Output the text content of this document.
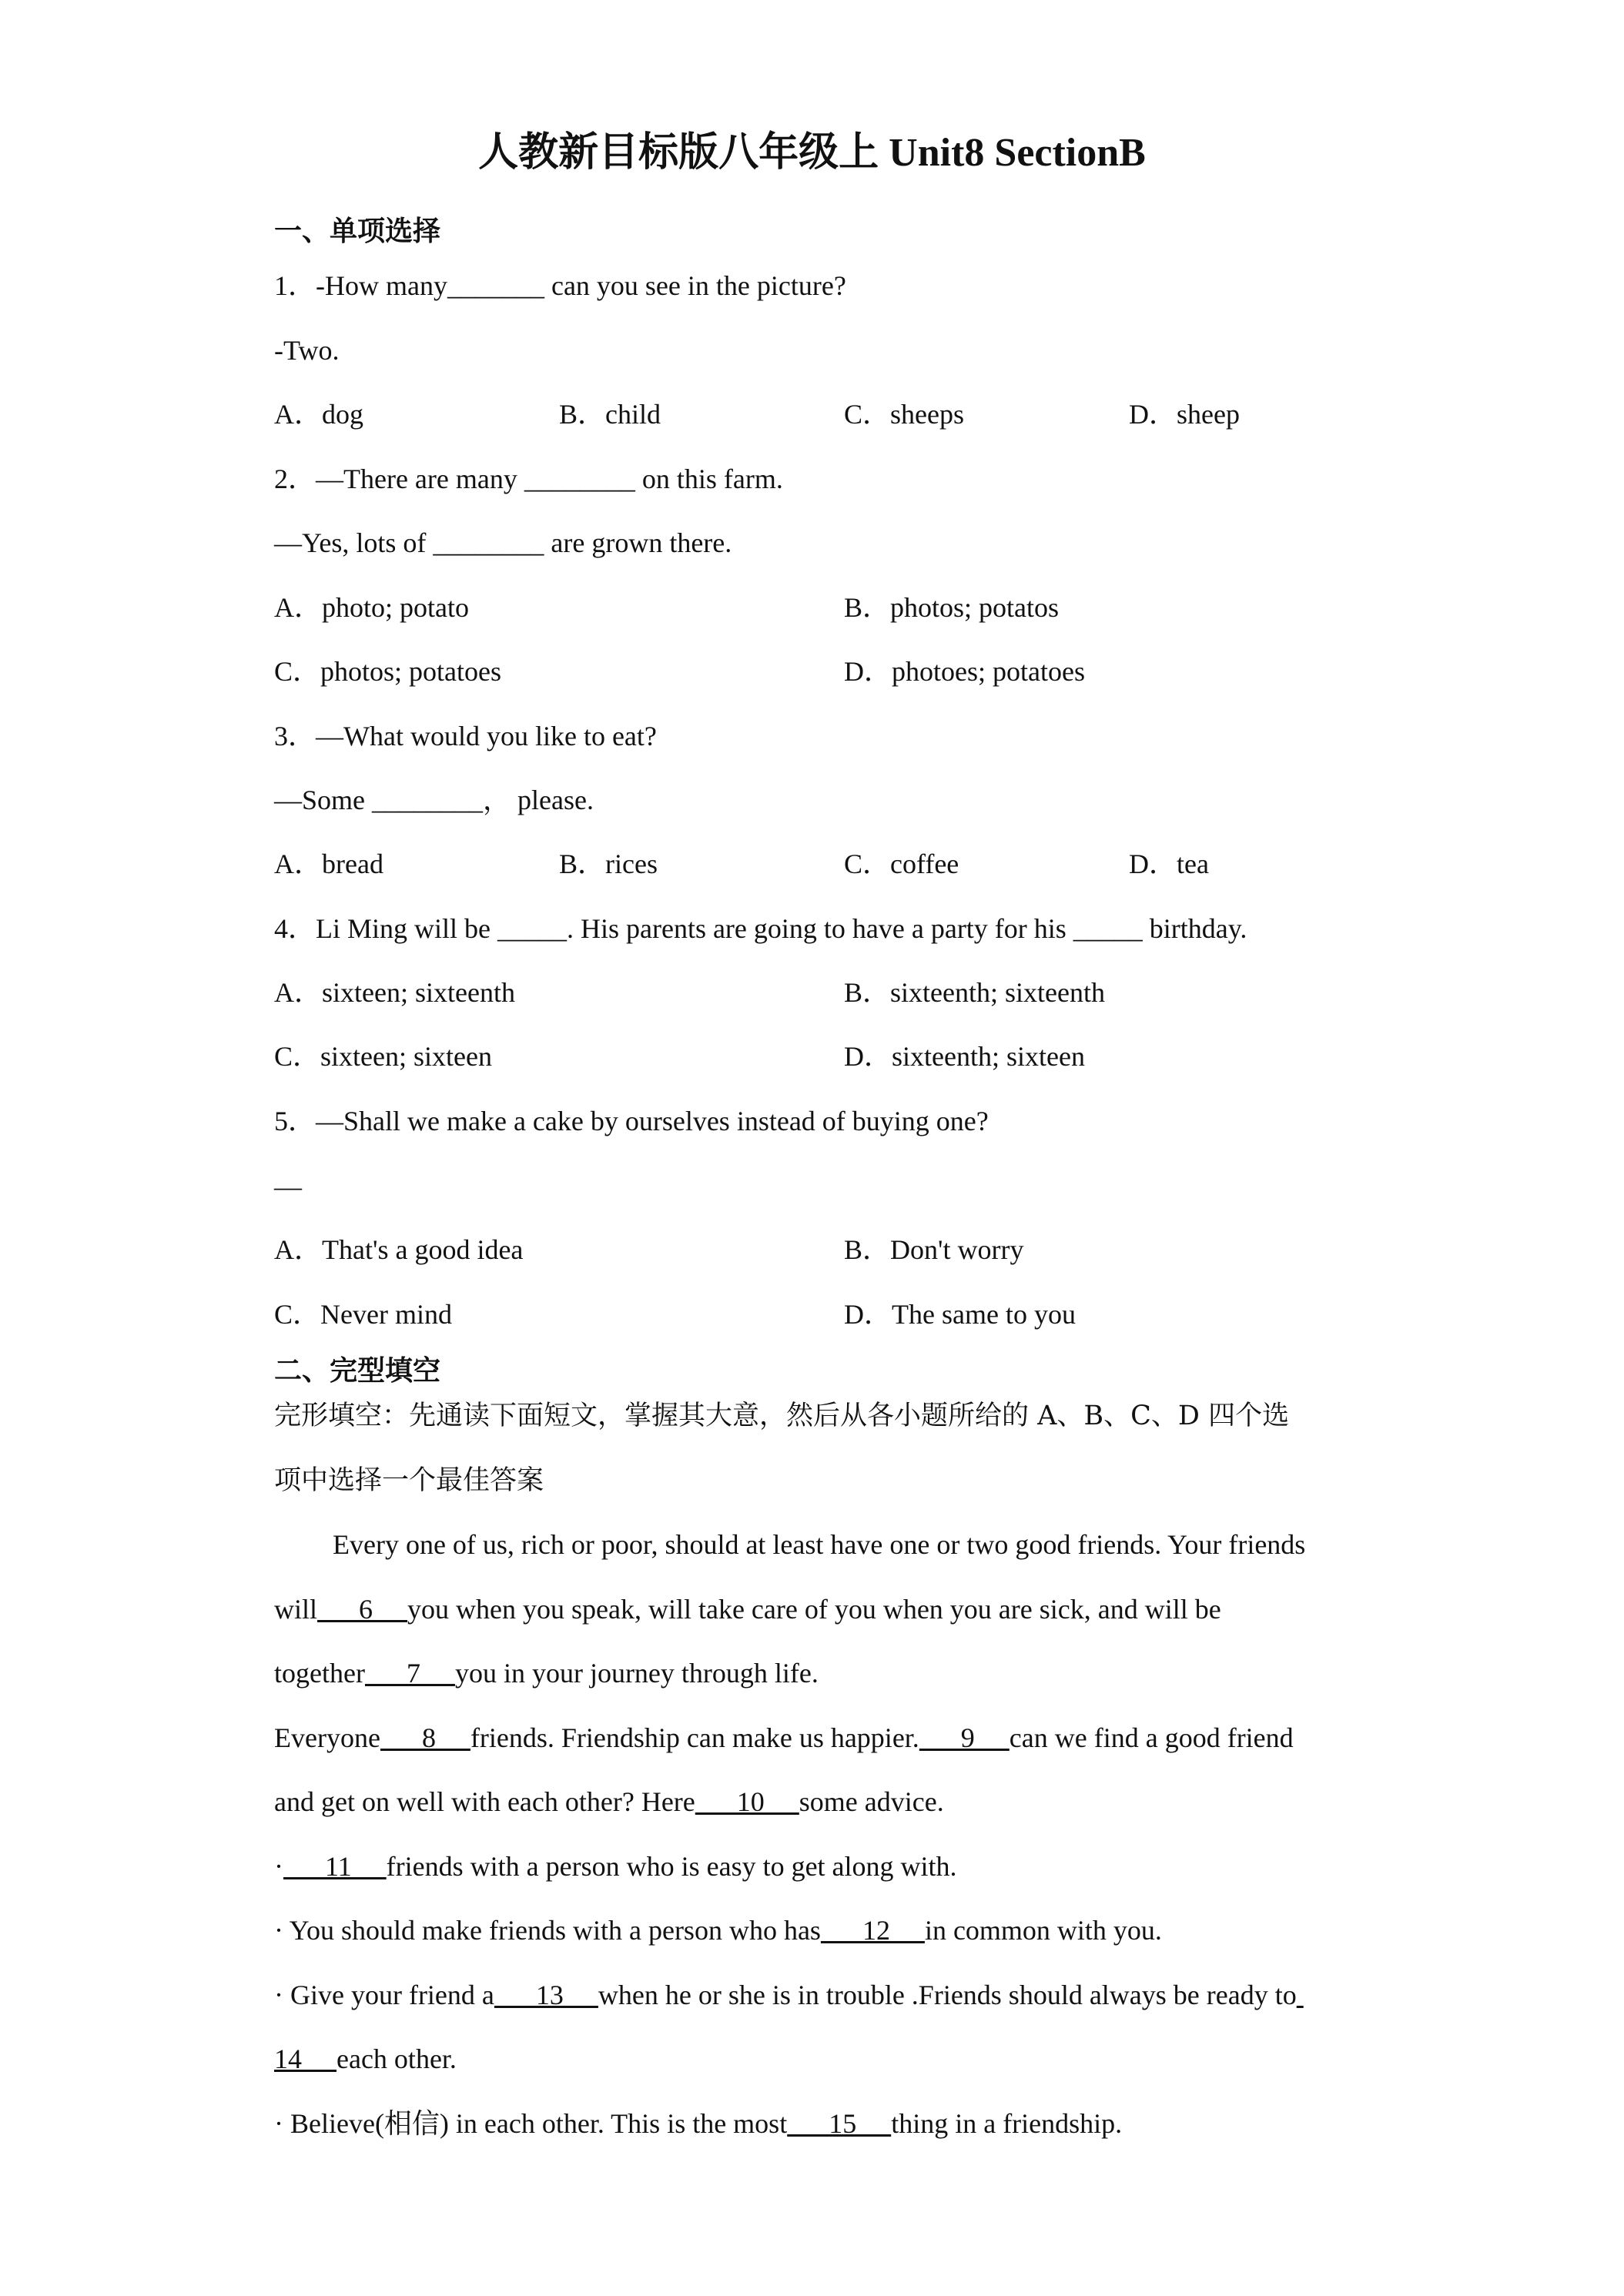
人教新目标版八年级上 Unit8 SectionB
一、单项选择
1．-How many_______ can you see in the picture?
-Two.
A．dog	B．child	C．sheeps	D．sheep
2．—There are many ________ on this farm.
—Yes, lots of ________ are grown there.
A．photo; potato	B．photos; potatos
C．photos; potatoes	D．photoes; potatoes
3．—What would you like to eat?
—Some ________， please.
A．bread	B．rices	C．coffee	D．tea
4．Li Ming will be _____. His parents are going to have a party for his _____ birthday.
A．sixteen; sixteenth	B．sixteenth; sixteenth
C．sixteen; sixteen	D．sixteenth; sixteen
5．—Shall we make a cake by ourselves instead of buying one?
—
A．That's a good idea	B．Don't worry
C．Never mind	D．The same to you
二、完型填空
完形填空：先通读下面短文，掌握其大意，然后从各小题所给的 A、B、C、D 四个选
项中选择一个最佳答案
Every one of us, rich or poor, should at least have one or two good friends. Your friends
will      6     you when you speak, will take care of you when you are sick, and will be
together      7     you in your journey through life.
Everyone      8     friends. Friendship can make us happier.      9     can we find a good friend
and get on well with each other? Here      10     some advice.
·      11     friends with a person who is easy to get along with.
· You should make friends with a person who has      12     in common with you.
· Give your friend a      13     when he or she is in trouble .Friends should always be ready to
14     each other.
· Believe(相信) in each other. This is the most      15     thing in a friendship.
